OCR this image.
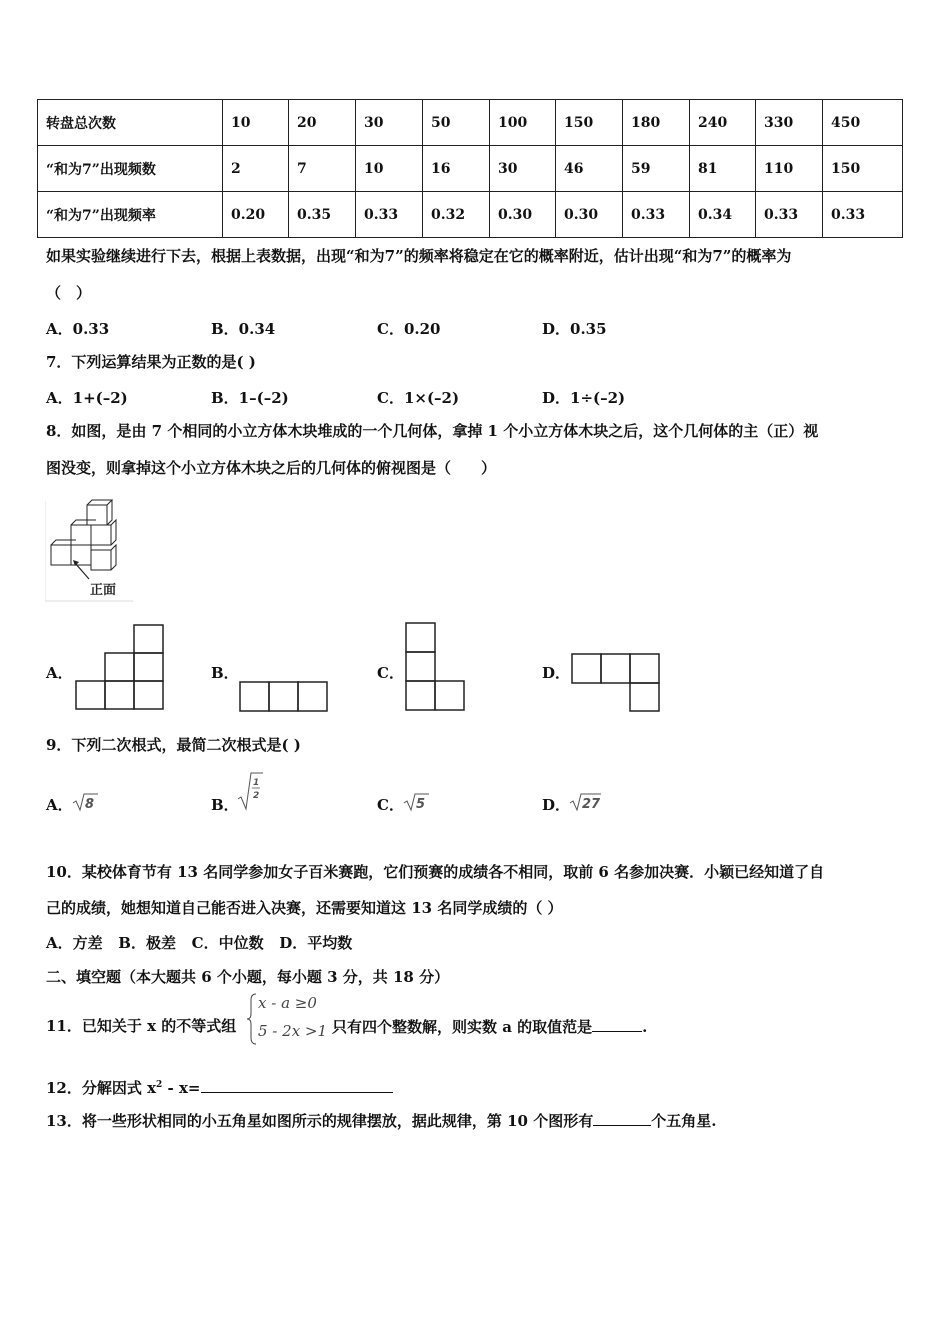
转盘总次数	10	20	30	50	100	150	180	240	330	450
“和为7”出现频数	2	7	10	16	30	46	59	81	110	150
“和为7”出现频率	0.20	0.35	0.33	0.32	0.30	0.30	0.33	0.34	0.33	0.33
如果实验继续进行下去，根据上表数据，出现“和为7”的频率将稳定在它的概率附近，估计出现“和为7”的概率为
（　）
A．0.33	B．0.34	C．0.20	D．0.35
7．下列运算结果为正数的是( )
A．1+(–2)	B．1–(–2)	C．1×(–2)	D．1÷(–2)
8．如图，是由 7 个相同的小立方体木块堆成的一个几何体，拿掉 1 个小立方体木块之后，这个几何体的主（正）视
图没变，则拿掉这个小立方体木块之后的几何体的俯视图是（　　）
正面
A．	B．	C．	D．
9．下列二次根式，最简二次根式是( )
A． 8	B．
1
2	C． 5	D． 27
10．某校体育节有 13 名同学参加女子百米赛跑，它们预赛的成绩各不相同，取前 6 名参加决赛．小颖已经知道了自
己的成绩，她想知道自己能否进入决赛，还需要知道这 13 名同学成绩的（ ）
A．方差   B．极差   C．中位数   D．平均数
二、填空题（本大题共 6 个小题，每小题 3 分，共 18 分）
11．已知关于 x 的不等式组
x - a ≥0
5 - 2x >1 只有四个整数解，则实数 a 的取值范是	.
12．分解因式 $x^2 - x=$
13．将一些形状相同的小五角星如图所示的规律摆放，据此规律，第 10 个图形有	个五角星.
